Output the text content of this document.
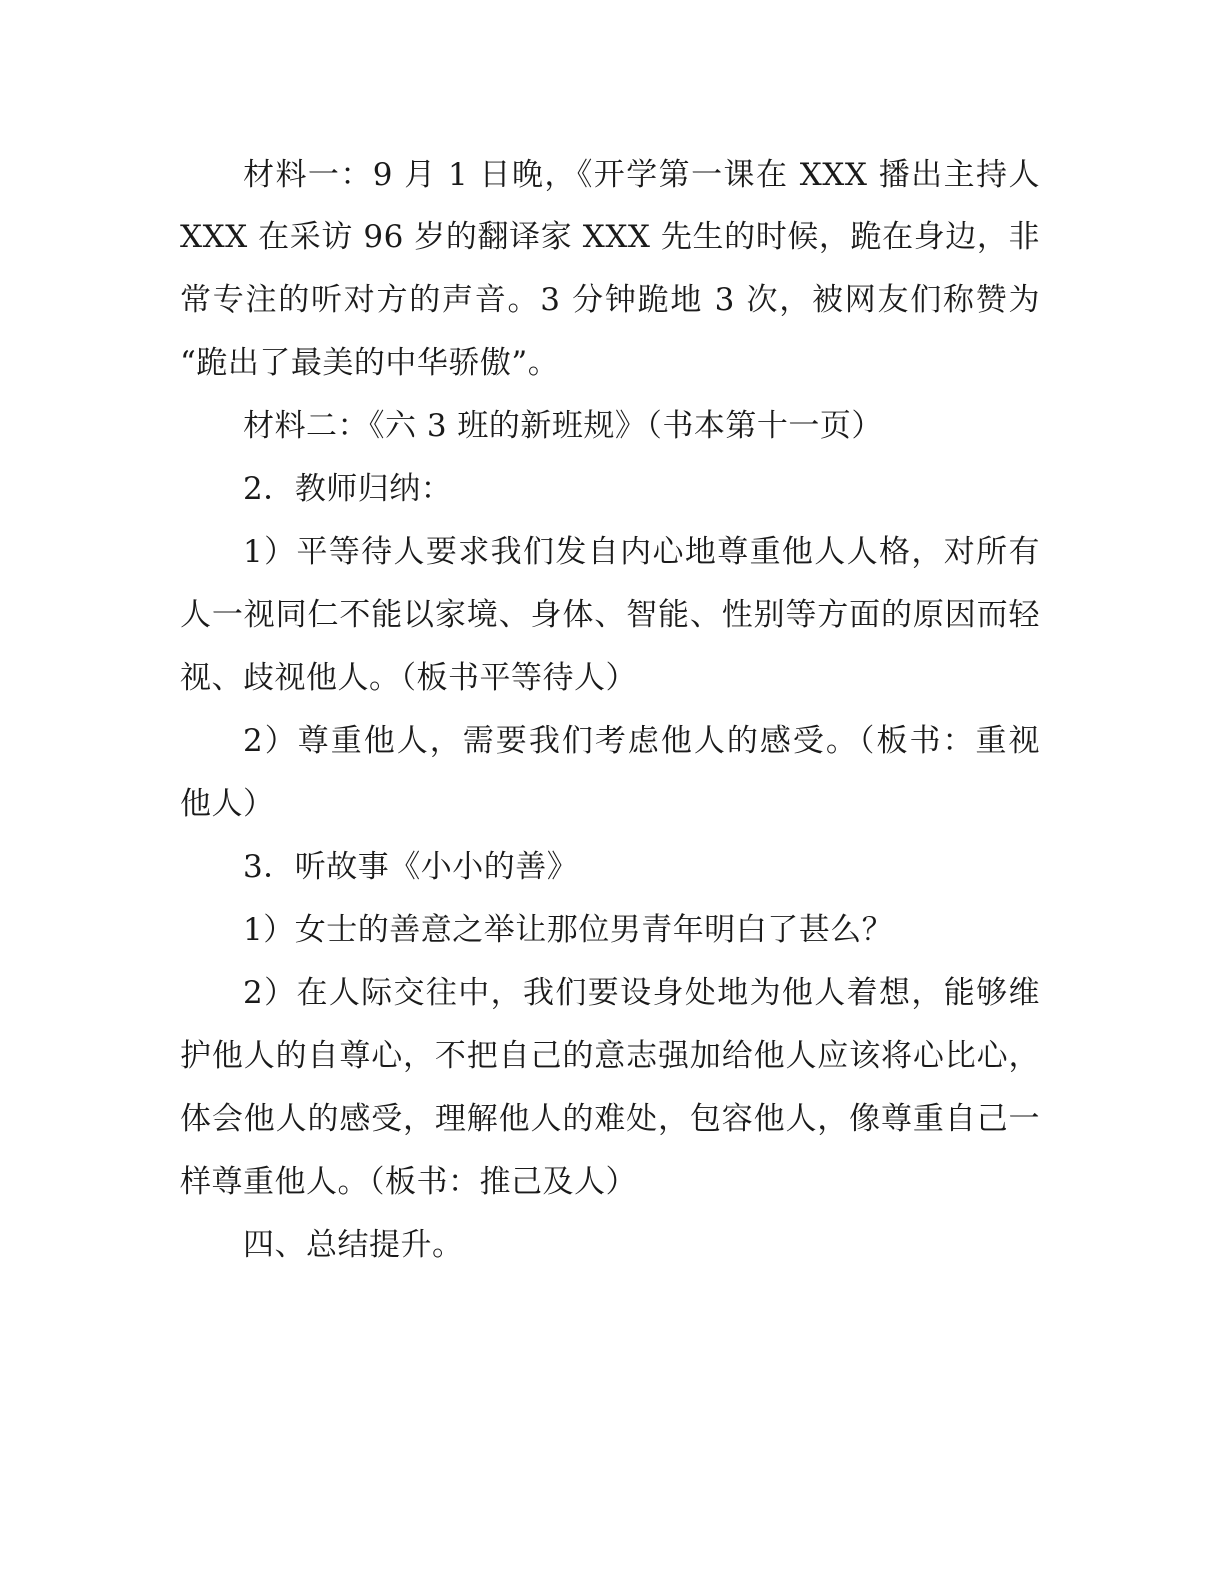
材料一：9 月 1 日晚，《开学第一课在 XXX 播出主持人

XXX 在采访 96 岁的翻译家 XXX 先生的时候，跪在身边，非

常专注的听对方的声音。3 分钟跪地 3 次，被网友们称赞为

“跪出了最美的中华骄傲”。

材料二：《六 3 班的新班规》（书本第十一页）

2．教师归纳：

1）平等待人要求我们发自内心地尊重他人人格，对所有

人一视同仁不能以家境、身体、智能、性别等方面的原因而轻

视、歧视他人。（板书平等待人）

2）尊重他人，需要我们考虑他人的感受。（板书：重视

他人）

3．听故事《小小的善》

1）女士的善意之举让那位男青年明白了甚么？

2）在人际交往中，我们要设身处地为他人着想，能够维

护他人的自尊心，不把自己的意志强加给他人应该将心比心，

体会他人的感受，理解他人的难处，包容他人，像尊重自己一

样尊重他人。（板书：推己及人）

四、总结提升。
